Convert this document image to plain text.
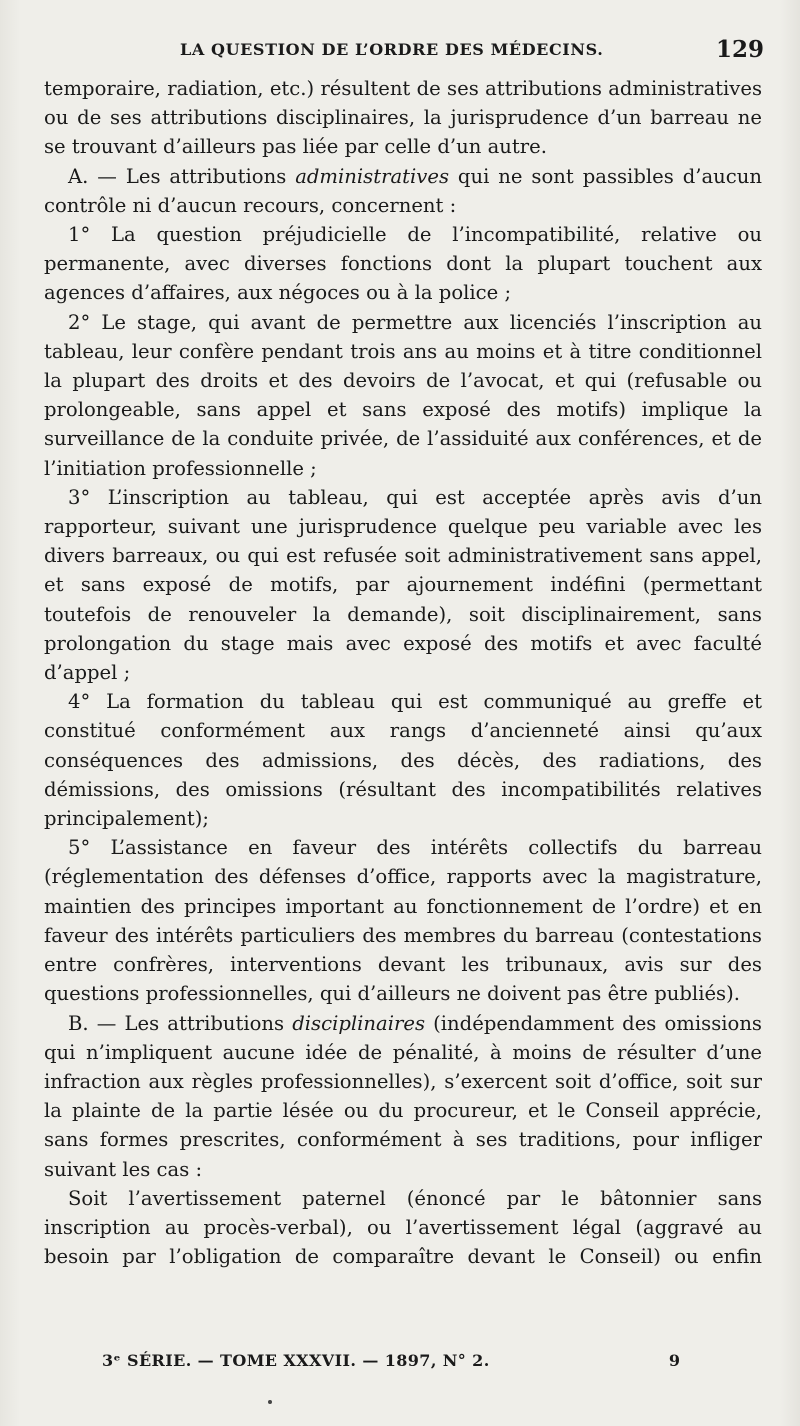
LA QUESTION DE L’ORDRE DES MÉDECINS.	129

temporaire, radiation, etc.) résultent de ses attributions administratives ou de ses attributions disciplinaires, la jurisprudence d’un barreau ne se trouvant d’ailleurs pas liée par celle d’un autre.

A. — Les attributions administratives qui ne sont passibles d’aucun contrôle ni d’aucun recours, concernent :

1° La question préjudicielle de l’incompatibilité, relative ou permanente, avec diverses fonctions dont la plupart touchent aux agences d’affaires, aux négoces ou à la police ;

2° Le stage, qui avant de permettre aux licenciés l’inscription au tableau, leur confère pendant trois ans au moins et à titre conditionnel la plupart des droits et des devoirs de l’avocat, et qui (refusable ou prolongeable, sans appel et sans exposé des motifs) implique la surveillance de la conduite privée, de l’assiduité aux conférences, et de l’initiation professionnelle ;

3° L’inscription au tableau, qui est acceptée après avis d’un rapporteur, suivant une jurisprudence quelque peu variable avec les divers barreaux, ou qui est refusée soit administrativement sans appel, et sans exposé de motifs, par ajournement indéfini (permettant toutefois de renouveler la demande), soit disciplinairement, sans prolongation du stage mais avec exposé des motifs et avec faculté d’appel ;

4° La formation du tableau qui est communiqué au greffe et constitué conformément aux rangs d’ancienneté ainsi qu’aux conséquences des admissions, des décès, des radiations, des démissions, des omissions (résultant des incompatibilités relatives principalement);

5° L’assistance en faveur des intérêts collectifs du barreau (réglementation des défenses d’office, rapports avec la magistrature, maintien des principes important au fonctionnement de l’ordre) et en faveur des intérêts particuliers des membres du barreau (contestations entre confrères, interventions devant les tribunaux, avis sur des questions professionnelles, qui d’ailleurs ne doivent pas être publiés).

B. — Les attributions disciplinaires (indépendamment des omissions qui n’impliquent aucune idée de pénalité, à moins de résulter d’une infraction aux règles professionnelles), s’exercent soit d’office, soit sur la plainte de la partie lésée ou du procureur, et le Conseil apprécie, sans formes prescrites, conformément à ses traditions, pour infliger suivant les cas :

Soit l’avertissement paternel (énoncé par le bâtonnier sans inscription au procès-verbal), ou l’avertissement légal (aggravé au besoin par l’obligation de comparaître devant le Conseil) ou enfin

3ᵉ SÉRIE. — TOME XXXVII. — 1897, N° 2.	9
